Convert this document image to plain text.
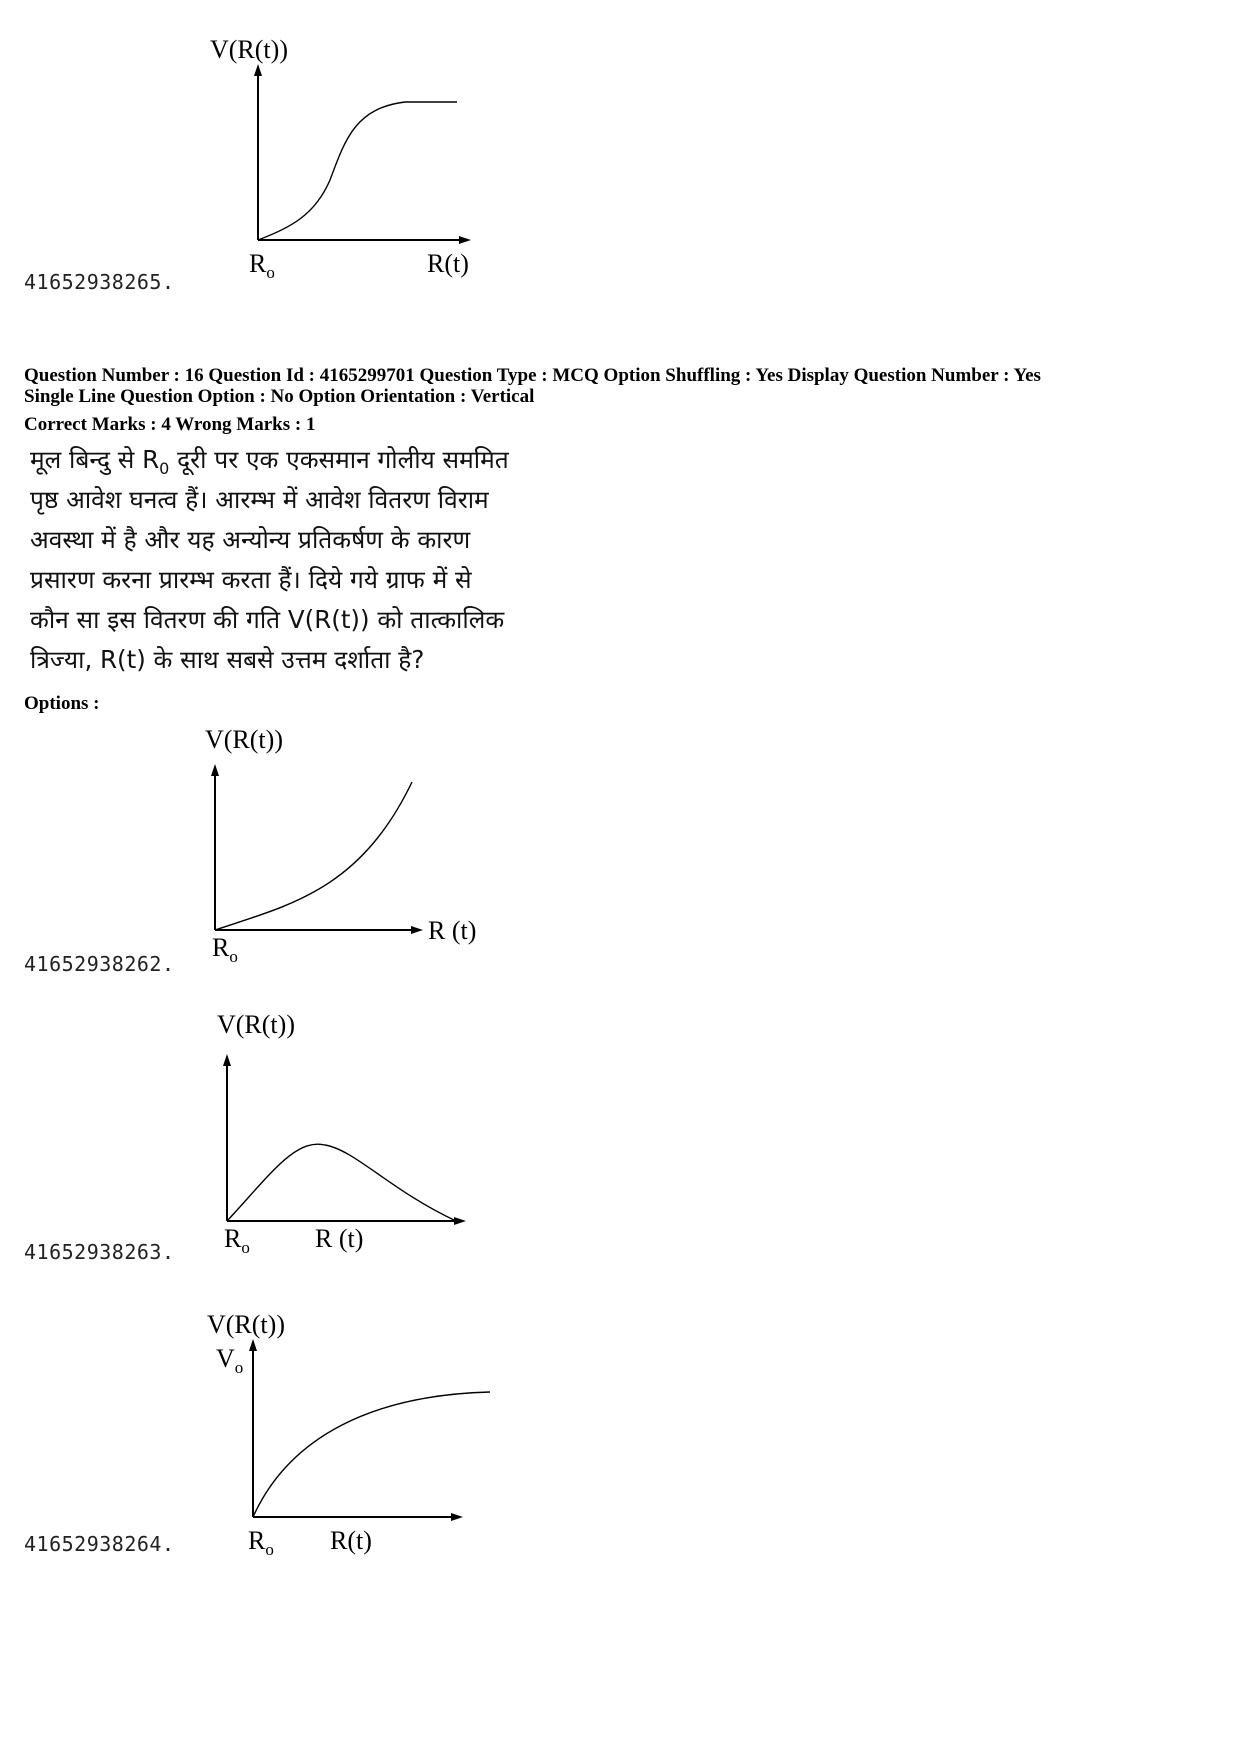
V(R(t))
$R_o$	R(t)
41652938265.
Question Number : 16 Question Id : 4165299701 Question Type : MCQ Option Shuffling : Yes Display Question Number : Yes
Single Line Question Option : No Option Orientation : Vertical
Correct Marks : 4 Wrong Marks : 1
मूल बिन्दु से $R_0$ दूरी पर एक एकसमान गोलीय सममित
पृष्ठ आवेश घनत्व हैं। आरम्भ में आवेश वितरण विराम
अवस्था में है और यह अन्योन्य प्रतिकर्षण के कारण
प्रसारण करना प्रारम्भ करता हैं। दिये गये ग्राफ में से
कौन सा इस वितरण की गति V(R(t)) को तात्कालिक
त्रिज्या, R(t) के साथ सबसे उत्तम दर्शाता है?
Options :
V(R(t))
R (t)
$R_o$
41652938262.
V(R(t))
$R_o$	R (t)
41652938263.
V(R(t))
$V_o$
$R_o$ R(t)
41652938264.
